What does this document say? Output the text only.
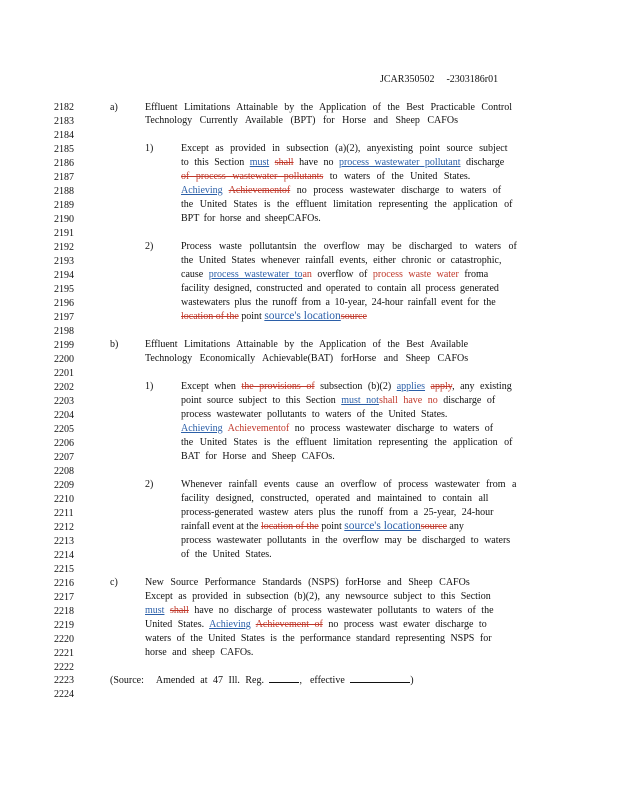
JCAR350502 -2303186r01
2182
2183
2184
2185
2186
2187
2188
2189
2190
2191
2192
2193
2194
2195
2196
2197
2198
2199
2200
2201
2202
2203
2204
2205
2206
2207
2208
2209
2210
2211
2212
2213
2214
2215
2216
2217
2218
2219
2220
2221
2222
2223
2224
a)	Effluent Limitations Attainable by the Application of the Best Practicable Control
Technology Currently Available (BPT) for Horse and Sheep CAFOs
1)	Except as provided in subsection (a)(2), anyexisting point source subject
to this Section must shall have no process wastewater pollutant discharge
of process wastewater pollutants to waters of the United States.
Achieving Achievementof no process wastewater discharge to waters of
the United States is the effluent limitation representing the application of
BPT for horse and sheepCAFOs.
2)	Process waste pollutantsin the overflow may be discharged to waters of
the United States whenever rainfall events, either chronic or catastrophic,
cause process wastewater toan overflow of process waste water froma
facility designed, constructed and operated to contain all process generated
wastewaters plus the runoff from a 10-year, 24-hour rainfall event for the
location of the point source's locationsource
b)	Effluent Limitations Attainable by the Application of the Best Available
Technology Economically Achievable(BAT) forHorse and Sheep CAFOs
1)	Except when the provisions of subsection (b)(2) applies apply, any existing
point source subject to this Section must notshall have no discharge of
process wastewater pollutants to waters of the United States.
Achieving Achievementof no process wastewater discharge to waters of
the United States is the effluent limitation representing the application of
BAT for Horse and Sheep CAFOs.
2)	Whenever rainfall events cause an overflow of process wastewater from a
facility designed, constructed, operated and maintained to contain all
process-generated wastew aters plus the runoff from a 25-year, 24-hour
rainfall event at the location of the point source's locationsource any
process wastewater pollutants in the overflow may be discharged to waters
of the United States.
c)	New Source Performance Standards (NSPS) forHorse and Sheep CAFOs
Except as provided in subsection (b)(2), any newsource subject to this Section
must shall have no discharge of process wastewater pollutants to waters of the
United States. Achieving Achievement of no process wast ewater discharge to
waters of the United States is the performance standard representing NSPS for
horse and sheep CAFOs.
(Source: Amended at 47 Ill. Reg.	, effective	)
